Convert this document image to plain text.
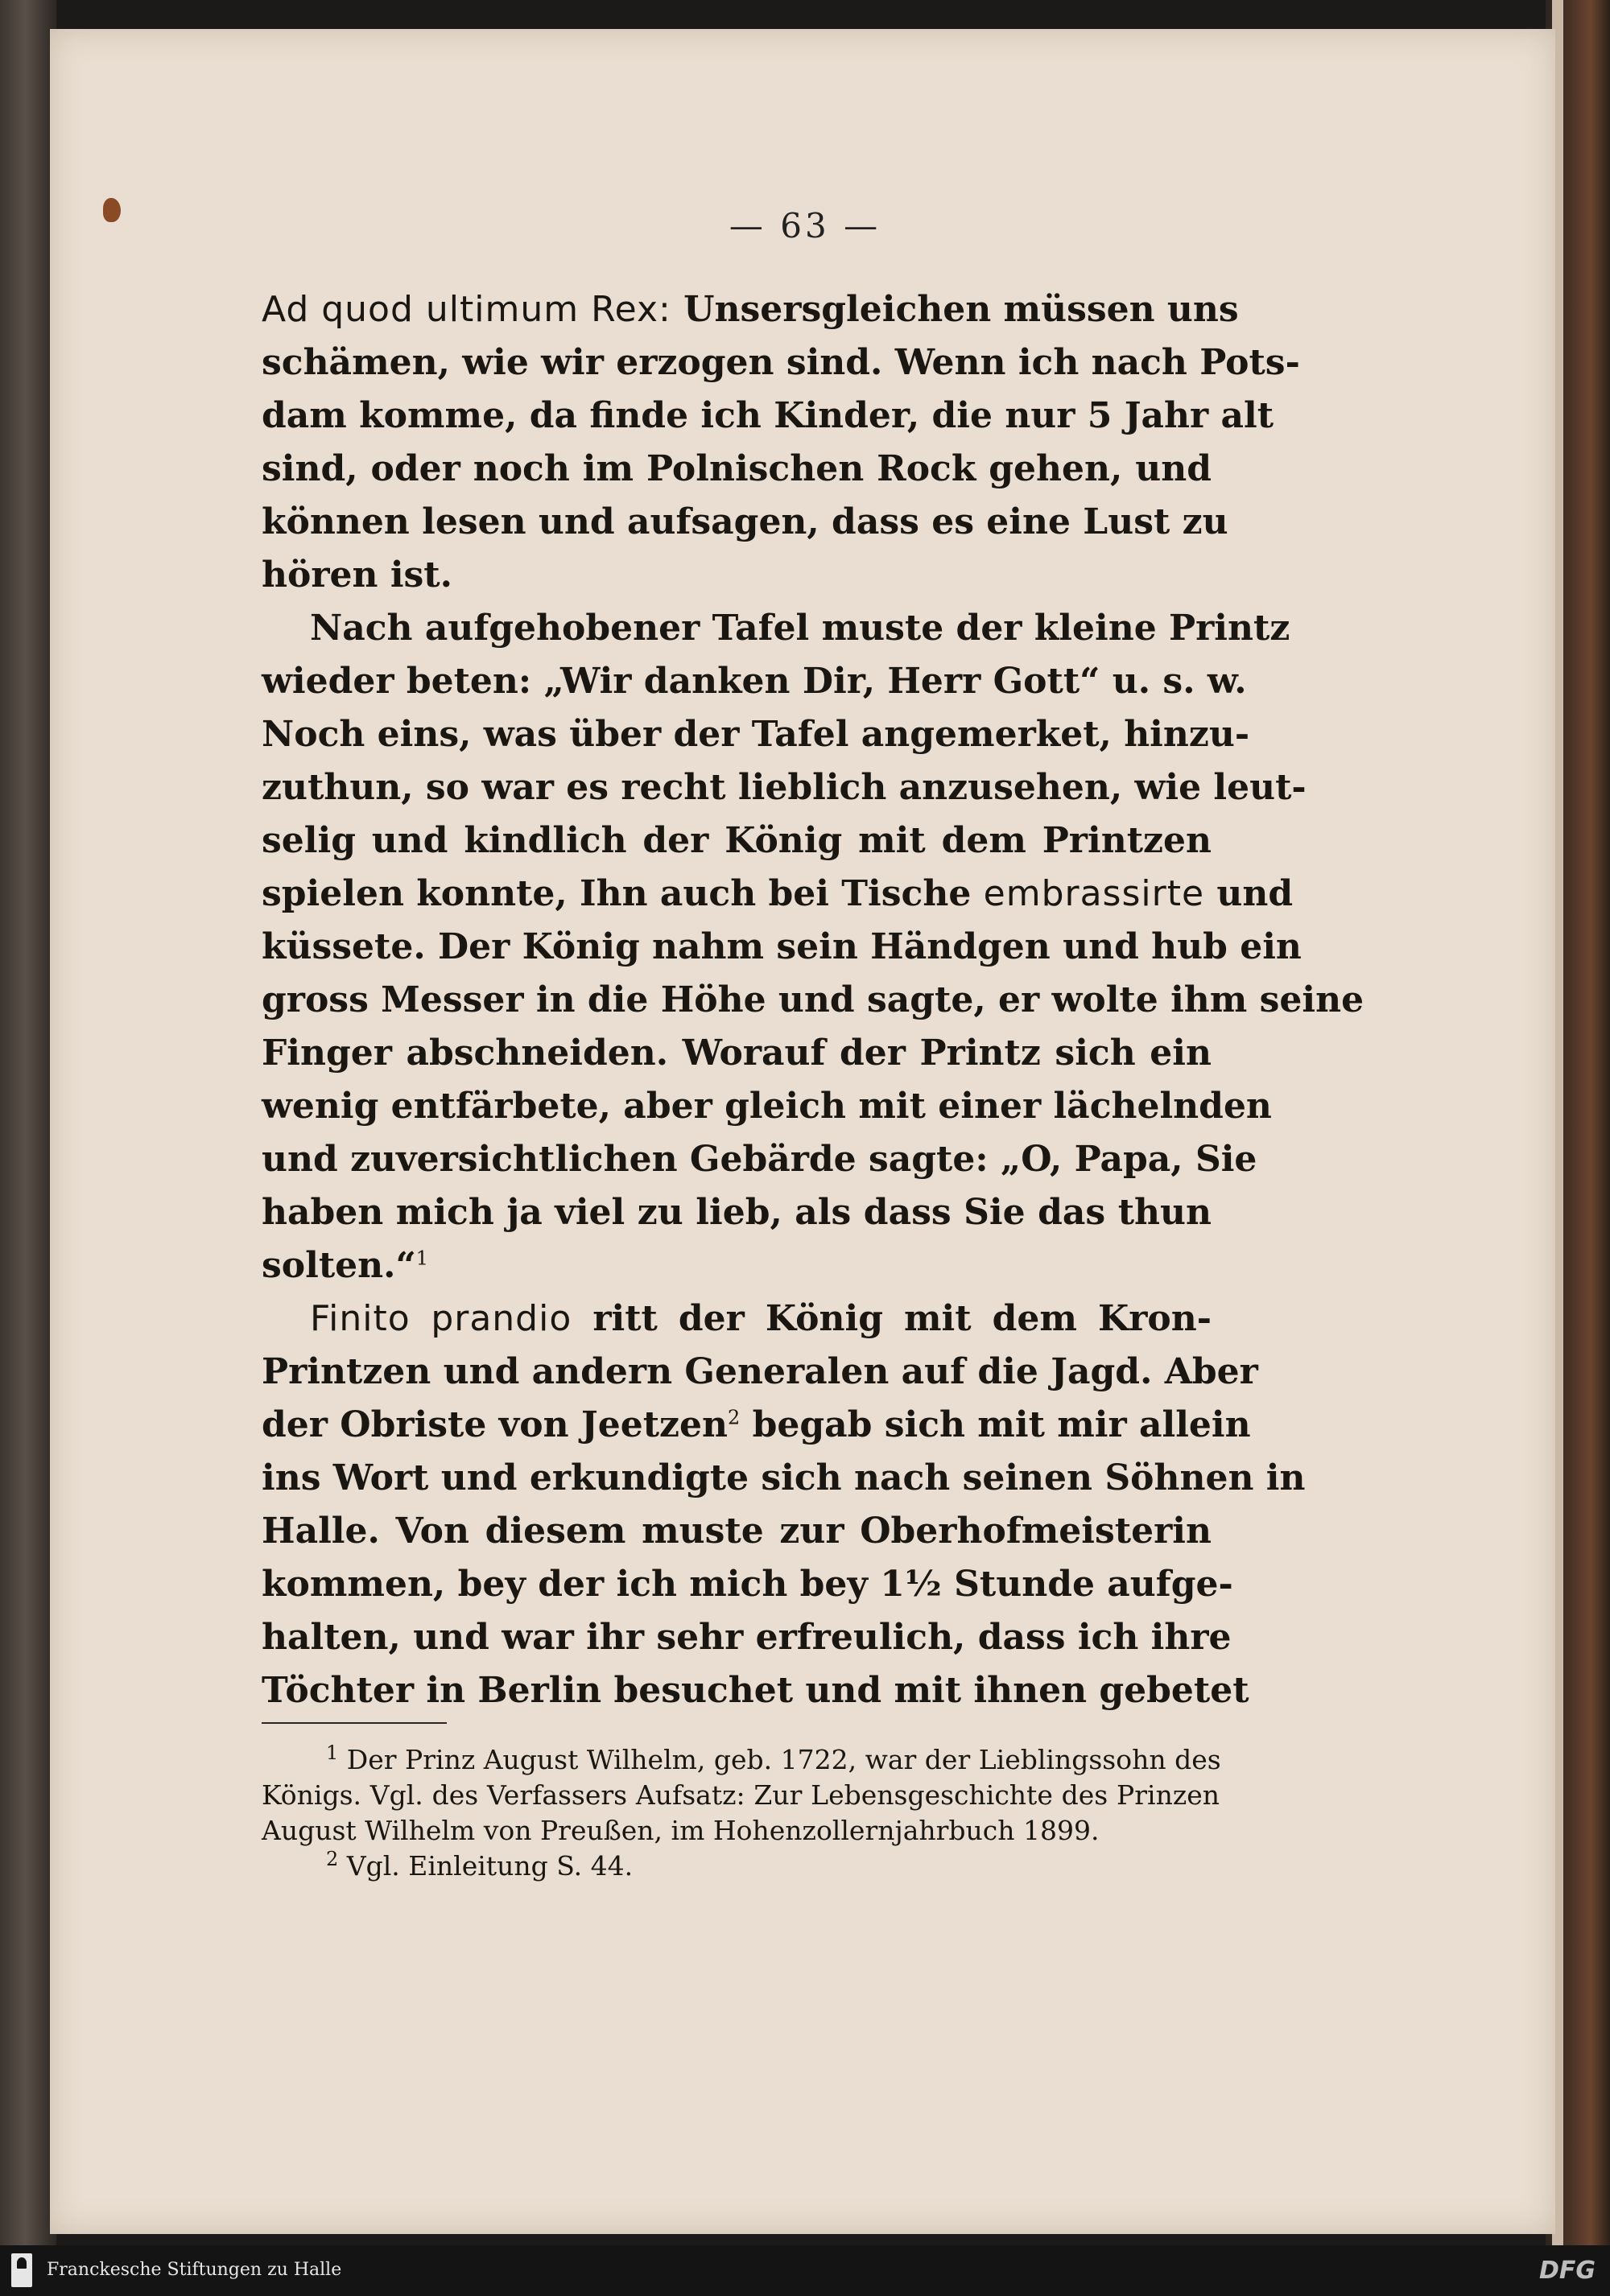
— 63 —
Ad quod ultimum Rex: Unsersgleichen müssen uns
schämen, wie wir erzogen sind. Wenn ich nach Pots-
dam komme, da finde ich Kinder, die nur 5 Jahr alt
sind, oder noch im Polnischen Rock gehen, und
können lesen und aufsagen, dass es eine Lust zu
hören ist.
Nach aufgehobener Tafel muste der kleine Printz
wieder beten: „Wir danken Dir, Herr Gott“ u. s. w.
Noch eins, was über der Tafel angemerket, hinzu-
zuthun, so war es recht lieblich anzusehen, wie leut-
selig und kindlich der König mit dem Printzen
spielen konnte, Ihn auch bei Tische embrassirte und
küssete. Der König nahm sein Händgen und hub ein
gross Messer in die Höhe und sagte, er wolte ihm seine
Finger abschneiden. Worauf der Printz sich ein
wenig entfärbete, aber gleich mit einer lächelnden
und zuversichtlichen Gebärde sagte: „O, Papa, Sie
haben mich ja viel zu lieb, als dass Sie das thun
solten.“$^1$
Finito prandio ritt der König mit dem Kron-
Printzen und andern Generalen auf die Jagd. Aber
der Obriste von Jeetzen$^2$ begab sich mit mir allein
ins Wort und erkundigte sich nach seinen Söhnen in
Halle. Von diesem muste zur Oberhofmeisterin
kommen, bey der ich mich bey 1½ Stunde aufge-
halten, und war ihr sehr erfreulich, dass ich ihre
Töchter in Berlin besuchet und mit ihnen gebetet
$^1$ Der Prinz August Wilhelm, geb. 1722, war der Lieblingssohn des
Königs. Vgl. des Verfassers Aufsatz: Zur Lebensgeschichte des Prinzen
August Wilhelm von Preußen, im Hohenzollernjahrbuch 1899.
$^2$ Vgl. Einleitung S. 44.
Franckesche Stiftungen zu Halle	DFG
